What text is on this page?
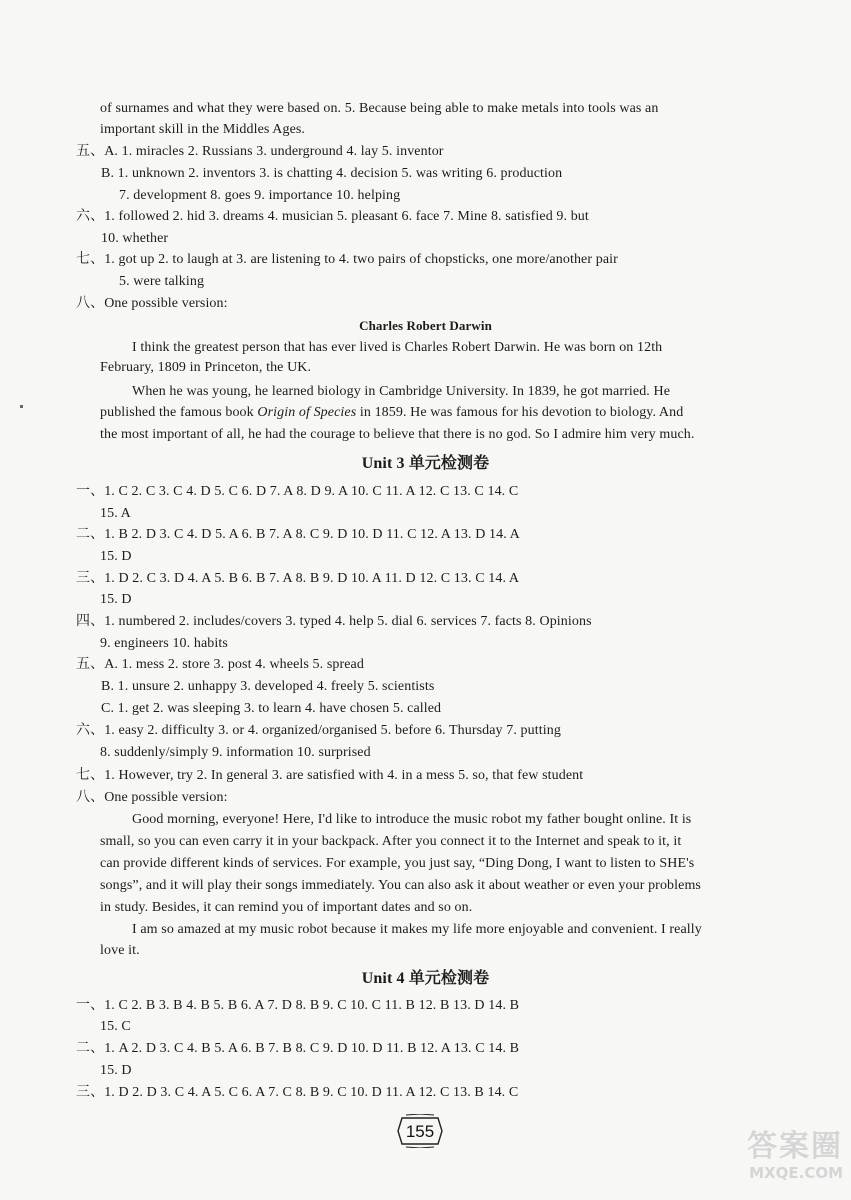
of surnames and what they were based on. 5. Because being able to make metals into tools was an
important skill in the Middles Ages.
五、A. 1. miracles 2. Russians 3. underground 4. lay 5. inventor
B. 1. unknown 2. inventors 3. is chatting 4. decision 5. was writing 6. production
7. development 8. goes 9. importance 10. helping
六、1. followed 2. hid 3. dreams 4. musician 5. pleasant 6. face 7. Mine 8. satisfied 9. but
10. whether
七、1. got up 2. to laugh at 3. are listening to 4. two pairs of chopsticks, one more/another pair
5. were talking
八、One possible version:
Charles Robert Darwin
I think the greatest person that has ever lived is Charles Robert Darwin. He was born on 12th
February, 1809 in Princeton, the UK.
When he was young, he learned biology in Cambridge University. In 1839, he got married. He
published the famous book Origin of Species in 1859. He was famous for his devotion to biology. And
the most important of all, he had the courage to believe that there is no god. So I admire him very much.
Unit 3 单元检测卷
一、1. C 2. C 3. C 4. D 5. C 6. D 7. A 8. D 9. A 10. C 11. A 12. C 13. C 14. C
15. A
二、1. B 2. D 3. C 4. D 5. A 6. B 7. A 8. C 9. D 10. D 11. C 12. A 13. D 14. A
15. D
三、1. D 2. C 3. D 4. A 5. B 6. B 7. A 8. B 9. D 10. A 11. D 12. C 13. C 14. A
15. D
四、1. numbered 2. includes/covers 3. typed 4. help 5. dial 6. services 7. facts 8. Opinions
9. engineers 10. habits
五、A. 1. mess 2. store 3. post 4. wheels 5. spread
B. 1. unsure 2. unhappy 3. developed 4. freely 5. scientists
C. 1. get 2. was sleeping 3. to learn 4. have chosen 5. called
六、1. easy 2. difficulty 3. or 4. organized/organised 5. before 6. Thursday 7. putting
8. suddenly/simply 9. information 10. surprised
七、1. However, try 2. In general 3. are satisfied with 4. in a mess 5. so, that few student
八、One possible version:
Good morning, everyone! Here, I'd like to introduce the music robot my father bought online. It is
small, so you can even carry it in your backpack. After you connect it to the Internet and speak to it, it
can provide different kinds of services. For example, you just say, “Ding Dong, I want to listen to SHE's
songs”, and it will play their songs immediately. You can also ask it about weather or even your problems
in study. Besides, it can remind you of important dates and so on.
I am so amazed at my music robot because it makes my life more enjoyable and convenient. I really
love it.
Unit 4 单元检测卷
一、1. C 2. B 3. B 4. B 5. B 6. A 7. D 8. B 9. C 10. C 11. B 12. B 13. D 14. B
15. C
二、1. A 2. D 3. C 4. B 5. A 6. B 7. B 8. C 9. D 10. D 11. B 12. A 13. C 14. B
15. D
三、1. D 2. D 3. C 4. A 5. C 6. A 7. C 8. B 9. C 10. D 11. A 12. C 13. B 14. C
155	答案圈
MXQE.COM
